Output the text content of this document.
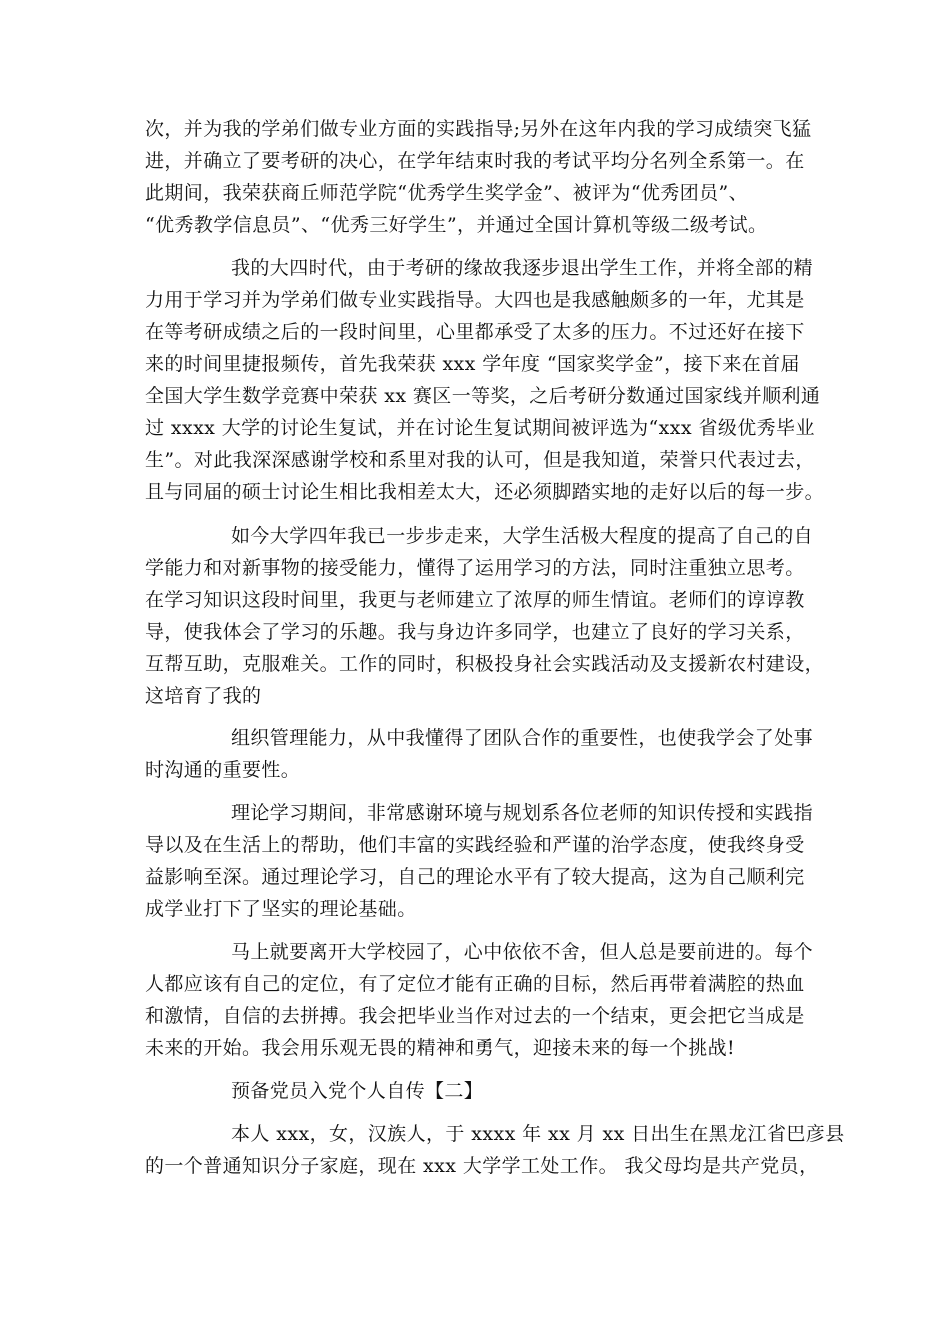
次，并为我的学弟们做专业方面的实践指导;另外在这年内我的学习成绩突飞猛
进，并确立了要考研的决心，在学年结束时我的考试平均分名列全系第一。在
此期间，我荣获商丘师范学院“优秀学生奖学金”、被评为“优秀团员”、
“优秀教学信息员”、“优秀三好学生”，并通过全国计算机等级二级考试。
我的大四时代，由于考研的缘故我逐步退出学生工作，并将全部的精
力用于学习并为学弟们做专业实践指导。大四也是我感触颇多的一年，尤其是
在等考研成绩之后的一段时间里，心里都承受了太多的压力。不过还好在接下
来的时间里捷报频传，首先我荣获 xxx 学年度 “国家奖学金”，接下来在首届
全国大学生数学竞赛中荣获 xx 赛区一等奖，之后考研分数通过国家线并顺利通
过 xxxx 大学的讨论生复试，并在讨论生复试期间被评选为“xxx 省级优秀毕业
生”。对此我深深感谢学校和系里对我的认可，但是我知道，荣誉只代表过去，
且与同届的硕士讨论生相比我相差太大，还必须脚踏实地的走好以后的每一步。
如今大学四年我已一步步走来，大学生活极大程度的提高了自己的自
学能力和对新事物的接受能力，懂得了运用学习的方法，同时注重独立思考。
在学习知识这段时间里，我更与老师建立了浓厚的师生情谊。老师们的谆谆教
导，使我体会了学习的乐趣。我与身边许多同学，也建立了良好的学习关系，
互帮互助，克服难关。工作的同时，积极投身社会实践活动及支援新农村建设，
这培育了我的
组织管理能力，从中我懂得了团队合作的重要性，也使我学会了处事
时沟通的重要性。
理论学习期间，非常感谢环境与规划系各位老师的知识传授和实践指
导以及在生活上的帮助，他们丰富的实践经验和严谨的治学态度，使我终身受
益影响至深。通过理论学习，自己的理论水平有了较大提高，这为自己顺利完
成学业打下了坚实的理论基础。
马上就要离开大学校园了，心中依依不舍，但人总是要前进的。每个
人都应该有自己的定位，有了定位才能有正确的目标，然后再带着满腔的热血
和激情，自信的去拼搏。我会把毕业当作对过去的一个结束，更会把它当成是
未来的开始。我会用乐观无畏的精神和勇气，迎接未来的每一个挑战!
预备党员入党个人自传【二】
本人 xxx，女，汉族人，于 xxxx 年 xx 月 xx 日出生在黑龙江省巴彦县
的一个普通知识分子家庭，现在 xxx 大学学工处工作。 我父母均是共产党员，
